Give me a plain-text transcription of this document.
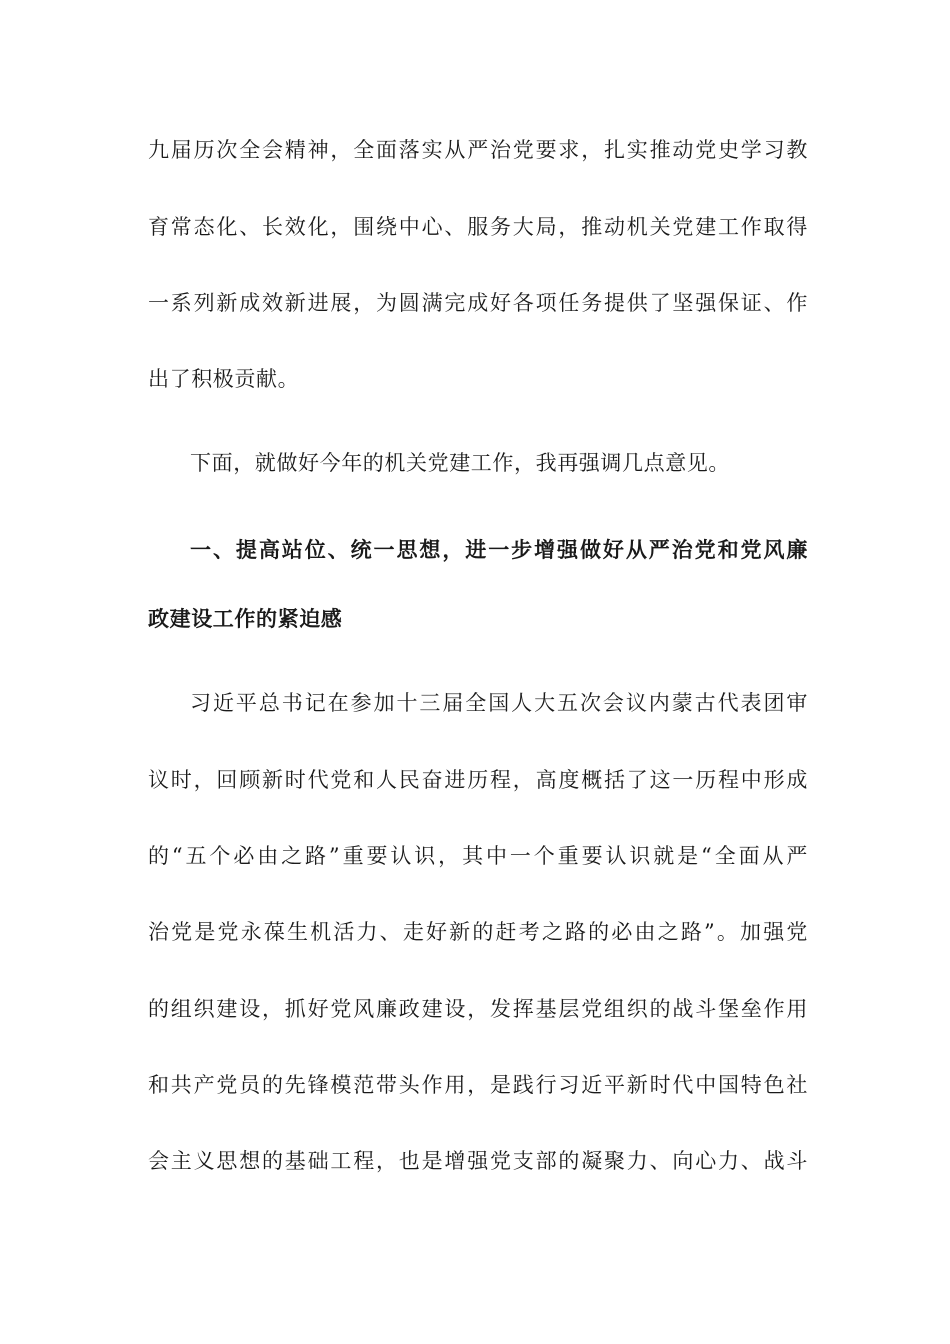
九届历次全会精神，全面落实从严治党要求，扎实推动党史学习教
育常态化、长效化，围绕中心、服务大局，推动机关党建工作取得
一系列新成效新进展，为圆满完成好各项任务提供了坚强保证、作
出了积极贡献。
下面，就做好今年的机关党建工作，我再强调几点意见。
一、提高站位、统一思想，进一步增强做好从严治党和党风廉
政建设工作的紧迫感
习近平总书记在参加十三届全国人大五次会议内蒙古代表团审
议时，回顾新时代党和人民奋进历程，高度概括了这一历程中形成
的“五个必由之路”重要认识，其中一个重要认识就是“全面从严
治党是党永葆生机活力、走好新的赶考之路的必由之路”。加强党
的组织建设，抓好党风廉政建设，发挥基层党组织的战斗堡垒作用
和共产党员的先锋模范带头作用，是践行习近平新时代中国特色社
会主义思想的基础工程，也是增强党支部的凝聚力、向心力、战斗
